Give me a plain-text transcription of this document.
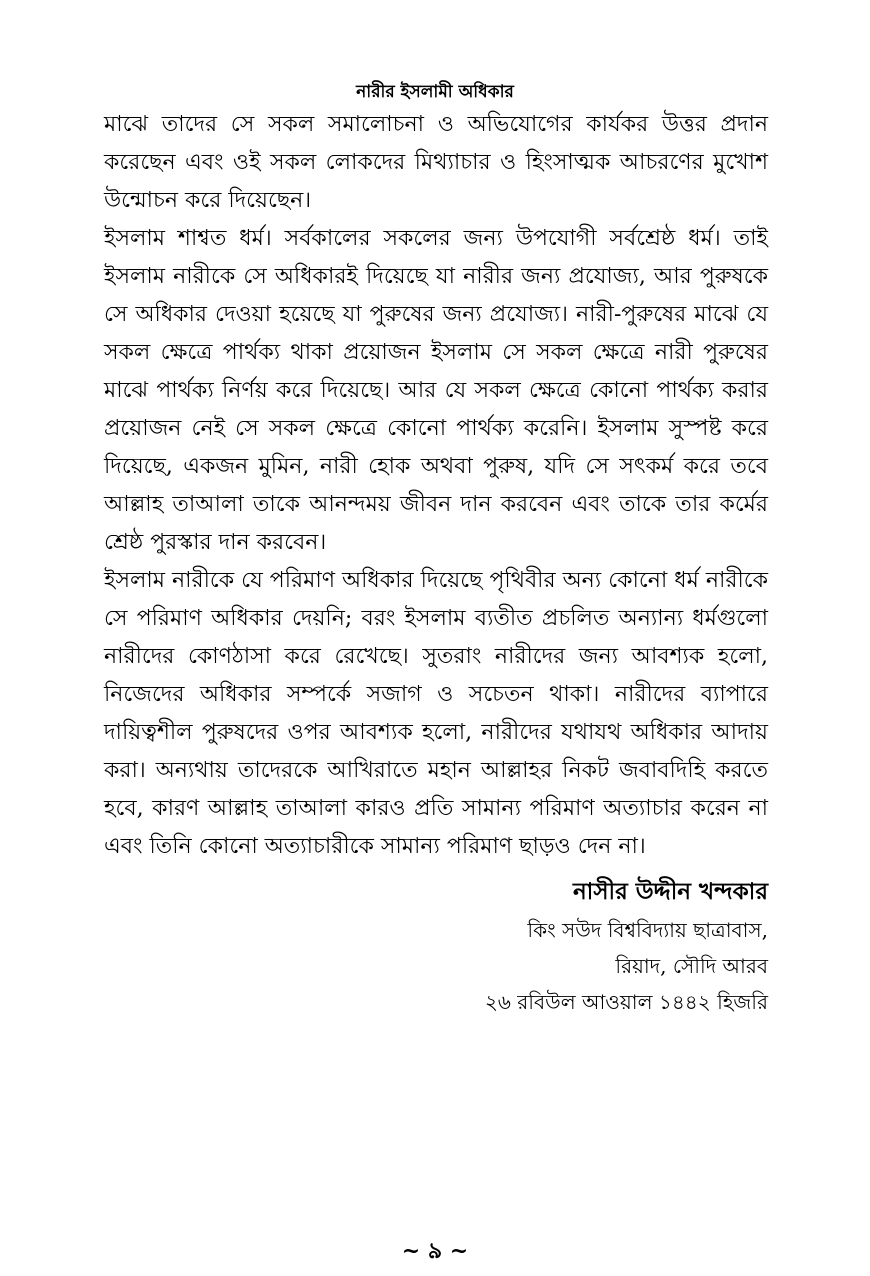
নারীর ইসলামী অধিকার

মাঝে তাদের সে সকল সমালোচনা ও অভিযোগের কার্যকর উত্তর প্রদান করেছেন এবং ওই সকল লোকদের মিথ্যাচার ও হিংসাত্মক আচরণের মুখোশ উন্মোচন করে দিয়েছেন।

ইসলাম শাশ্বত ধর্ম। সর্বকালের সকলের জন্য উপযোগী সর্বশ্রেষ্ঠ ধর্ম। তাই ইসলাম নারীকে সে অধিকারই দিয়েছে যা নারীর জন্য প্রযোজ্য, আর পুরুষকে সে অধিকার দেওয়া হয়েছে যা পুরুষের জন্য প্রযোজ্য। নারী-পুরুষের মাঝে যে সকল ক্ষেত্রে পার্থক্য থাকা প্রয়োজন ইসলাম সে সকল ক্ষেত্রে নারী পুরুষের মাঝে পার্থক্য নির্ণয় করে দিয়েছে। আর যে সকল ক্ষেত্রে কোনো পার্থক্য করার প্রয়োজন নেই সে সকল ক্ষেত্রে কোনো পার্থক্য করেনি। ইসলাম সুস্পষ্ট করে দিয়েছে, একজন মুমিন, নারী হোক অথবা পুরুষ, যদি সে সৎকর্ম করে তবে আল্লাহ তাআলা তাকে আনন্দময় জীবন দান করবেন এবং তাকে তার কর্মের শ্রেষ্ঠ পুরস্কার দান করবেন।

ইসলাম নারীকে যে পরিমাণ অধিকার দিয়েছে পৃথিবীর অন্য কোনো ধর্ম নারীকে সে পরিমাণ অধিকার দেয়নি; বরং ইসলাম ব্যতীত প্রচলিত অন্যান্য ধর্মগুলো নারীদের কোণঠাসা করে রেখেছে। সুতরাং নারীদের জন্য আবশ্যক হলো, নিজেদের অধিকার সম্পর্কে সজাগ ও সচেতন থাকা। নারীদের ব্যাপারে দায়িত্বশীল পুরুষদের ওপর আবশ্যক হলো, নারীদের যথাযথ অধিকার আদায় করা। অন্যথায় তাদেরকে আখিরাতে মহান আল্লাহর নিকট জবাবদিহি করতে হবে, কারণ আল্লাহ তাআলা কারও প্রতি সামান্য পরিমাণ অত্যাচার করেন না এবং তিনি কোনো অত্যাচারীকে সামান্য পরিমাণ ছাড়ও দেন না।

নাসীর উদ্দীন খন্দকার
কিং সউদ বিশ্ববিদ্যায় ছাত্রাবাস,
রিয়াদ, সৌদি আরব
২৬ রবিউল আওয়াল ১৪৪২ হিজরি
~ ৯ ~
